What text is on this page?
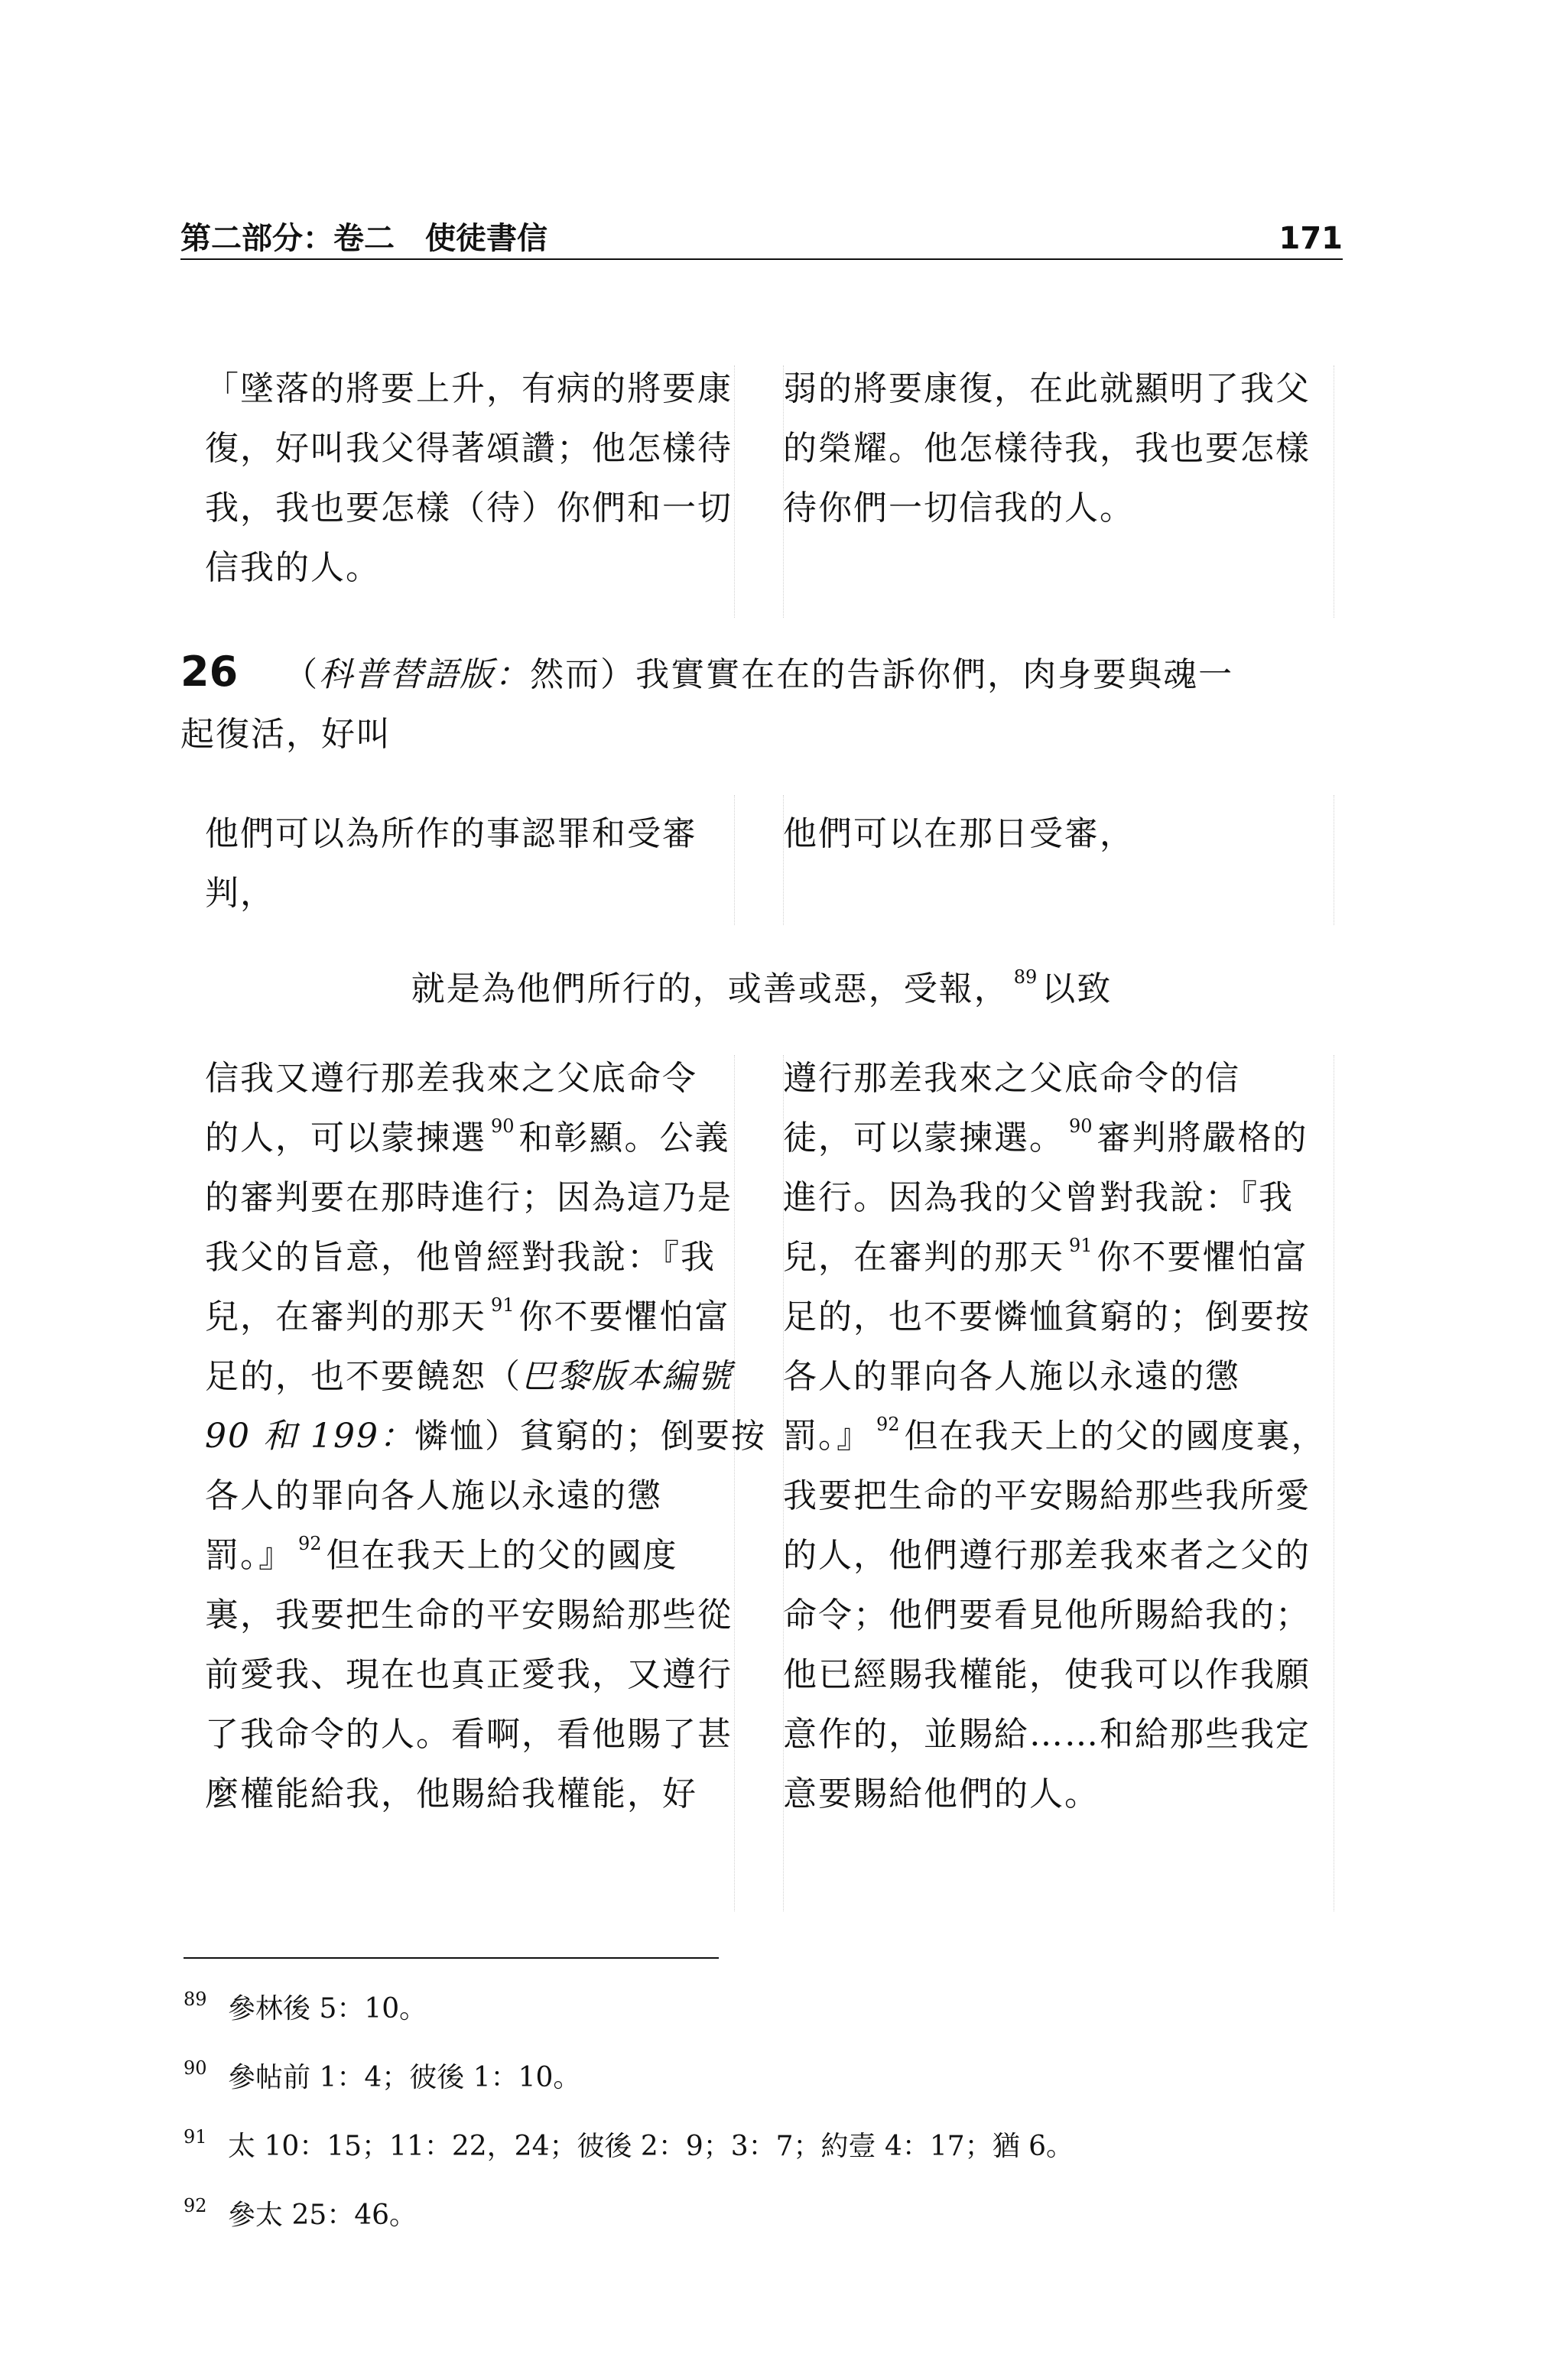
第二部分：卷二　使徒書信	171
「墜落的將要上升，有病的將要康
復，好叫我父得著頌讚；他怎樣待
我，我也要怎樣（待）你們和一切
信我的人。
弱的將要康復，在此就顯明了我父
的榮耀。他怎樣待我，我也要怎樣
待你們一切信我的人。
26 （科普替語版：然而）我實實在在的告訴你們，肉身要與魂一
起復活，好叫
他們可以為所作的事認罪和受審
判，
他們可以在那日受審，
就是為他們所行的，或善或惡，受報， $^{89}$ 以致
信我又遵行那差我來之父底命令
的人，可以蒙揀選 $^{90}$ 和彰顯。公義
的審判要在那時進行；因為這乃是
我父的旨意，他曾經對我說：『我
兒，在審判的那天 $^{91}$ 你不要懼怕富
足的，也不要饒恕（巴黎版本編號
90 和 199：憐恤）貧窮的；倒要按
各人的罪向各人施以永遠的懲
罰。』 $^{92}$ 但在我天上的父的國度
裏，我要把生命的平安賜給那些從
前愛我、現在也真正愛我，又遵行
了我命令的人。看啊，看他賜了甚
麼權能給我，他賜給我權能，好
遵行那差我來之父底命令的信
徒，可以蒙揀選。 $^{90}$ 審判將嚴格的
進行。因為我的父曾對我說：『我
兒，在審判的那天 $^{91}$ 你不要懼怕富
足的，也不要憐恤貧窮的；倒要按
各人的罪向各人施以永遠的懲
罰。』 $^{92}$ 但在我天上的父的國度裏，
我要把生命的平安賜給那些我所愛
的人，他們遵行那差我來者之父的
命令；他們要看見他所賜給我的；
他已經賜我權能，使我可以作我願
意作的，並賜給……和給那些我定
意要賜給他們的人。
89 參林後 5：10。
90 參帖前 1：4；彼後 1：10。
91 太 10：15；11：22，24；彼後 2：9；3：7；約壹 4：17；猶 6。
92 參太 25：46。
